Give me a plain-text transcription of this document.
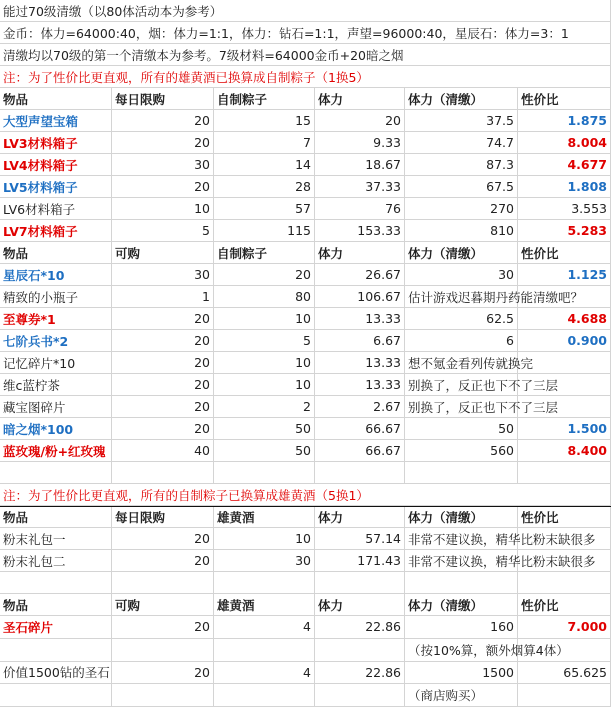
能过70级清缴（以80体活动本为参考）
金币：体力=64000:40，烟：体力=1:1，体力：钻石=1:1，声望=96000:40，星辰石：体力=3：1
清缴均以70级的第一个清缴本为参考。7级材料=64000金币+20暗之烟
注：为了性价比更直观，所有的雄黄酒已换算成自制粽子（1换5）
物品	每日限购	自制粽子	体力	体力（清缴）	性价比
大型声望宝箱	20	15	20	37.5	1.875
LV3材料箱子	20	7	9.33	74.7	8.004
LV4材料箱子	30	14	18.67	87.3	4.677
LV5材料箱子	20	28	37.33	67.5	1.808
LV6材料箱子	10	57	76	270	3.553
LV7材料箱子	5	115	153.33	810	5.283
物品	可购	自制粽子	体力	体力（清缴）	性价比
星辰石*10	30	20	26.67	30	1.125
精致的小瓶子	1	80	106.67 估计游戏迟暮期丹药能清缴吧？
至尊券*1	20	10	13.33	62.5	4.688
七阶兵书*2	20	5	6.67	6	0.900
记忆碎片*10	20	10	13.33 想不氪金看列传就换完
维c蓝柠茶	20	10	13.33 别换了，反正也下不了三层
藏宝图碎片	20	2	2.67 别换了，反正也下不了三层
暗之烟*100	20	50	66.67	50	1.500
蓝玫瑰/粉+红玫瑰	40	50	66.67	560	8.400
注：为了性价比更直观，所有的自制粽子已换算成雄黄酒（5换1）
物品	每日限购	雄黄酒	体力	体力（清缴）	性价比
粉末礼包一	20	10	57.14 非常不建议换，精华比粉末缺很多
粉末礼包二	20	30	171.43 非常不建议换，精华比粉末缺很多
物品	可购	雄黄酒	体力	体力（清缴）	性价比
圣石碎片	20	4	22.86	160	7.000
（按10%算，额外烟算4体）
价值1500钻的圣石	20	4	22.86	1500	65.625
（商店购买）
